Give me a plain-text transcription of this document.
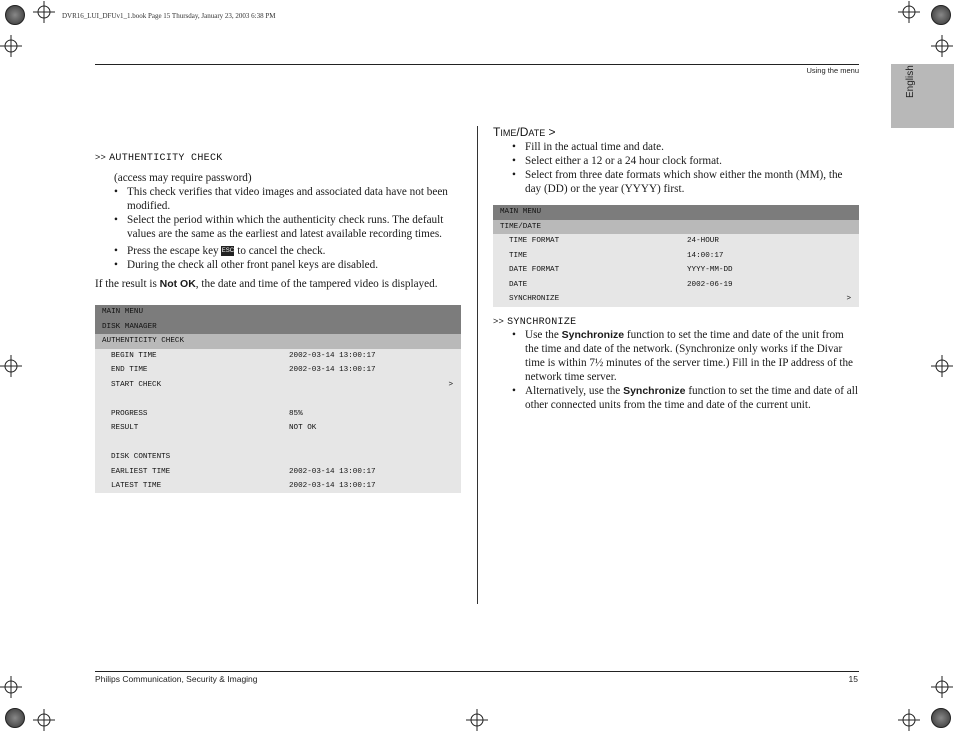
DVR16_LUI_DFUv1_1.book Page 15 Thursday, January 23, 2003 6:38 PM
Using the menu	English
>> AUTHENTICITY CHECK
(access may require password)
• This check verifies that video images and associated data have not been modified.
• Select the period within which the authenticity check runs. The default values are the same as the earliest and latest available recording times.
• Press the escape key ESC to cancel the check.
• During the check all other front panel keys are disabled.
If the result is Not OK, the date and time of the tampered video is displayed.
MAIN MENU
DISK MANAGER
AUTHENTICITY CHECK
BEGIN TIME	2002-03-14 13:00:17
END TIME	2002-03-14 13:00:17
START CHECK	>
PROGRESS	85%
RESULT	NOT OK
DISK CONTENTS
EARLIEST TIME	2002-03-14 13:00:17
LATEST TIME	2002-03-14 13:00:17
TIME/DATE >
• Fill in the actual time and date.
• Select either a 12 or a 24 hour clock format.
• Select from three date formats which show either the month (MM), the day (DD) or the year (YYYY) first.
MAIN MENU
TIME/DATE
TIME FORMAT	24-HOUR
TIME	14:00:17
DATE FORMAT	YYYY-MM-DD
DATE	2002-06-19
SYNCHRONIZE	>
>> SYNCHRONIZE
• Use the Synchronize function to set the time and date of the unit from the time and date of the network. (Synchronize only works if the Divar time is within 7½ minutes of the server time.) Fill in the IP address of the network time server.
• Alternatively, use the Synchronize function to set the time and date of all other connected units from the time and date of the current unit.
Philips Communication, Security & Imaging	15
